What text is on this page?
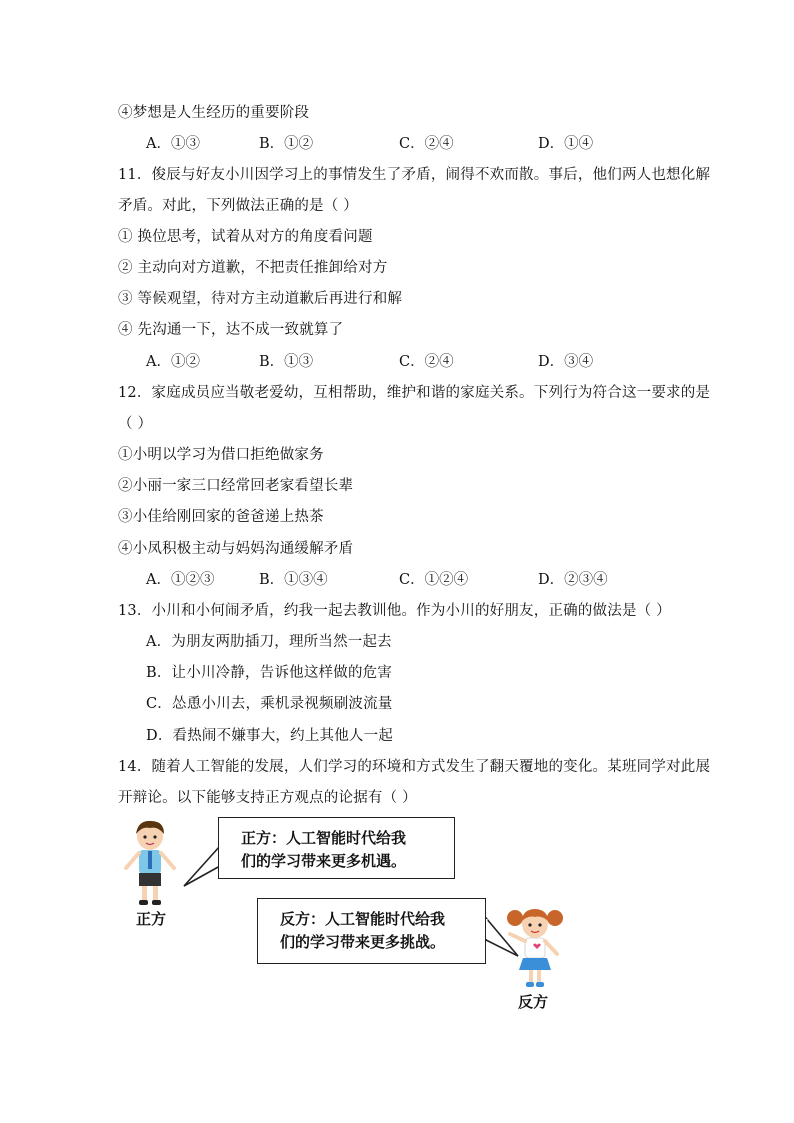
④梦想是人生经历的重要阶段
A．①③	B．①②	C．②④	D．①④
11．俊辰与好友小川因学习上的事情发生了矛盾，闹得不欢而散。事后，他们两人也想化解
矛盾。对此，下列做法正确的是（ ）
① 换位思考，试着从对方的角度看问题
② 主动向对方道歉，不把责任推卸给对方
③ 等候观望，待对方主动道歉后再进行和解
④ 先沟通一下，达不成一致就算了
A．①②	B．①③	C．②④	D．③④
12．家庭成员应当敬老爱幼，互相帮助，维护和谐的家庭关系。下列行为符合这一要求的是
（ ）
①小明以学习为借口拒绝做家务
②小丽一家三口经常回老家看望长辈
③小佳给刚回家的爸爸递上热茶
④小凤积极主动与妈妈沟通缓解矛盾
A．①②③	B．①③④	C．①②④	D．②③④
13．小川和小何闹矛盾，约我一起去教训他。作为小川的好朋友，正确的做法是（ ）
A．为朋友两肋插刀，理所当然一起去
B．让小川冷静，告诉他这样做的危害
C．怂恿小川去，乘机录视频刷波流量
D．看热闹不嫌事大，约上其他人一起
14．随着人工智能的发展，人们学习的环境和方式发生了翻天覆地的变化。某班同学对此展
开辩论。以下能够支持正方观点的论据有（ ）
正方：人工智能时代给我
们的学习带来更多机遇。
反方：人工智能时代给我
们的学习带来更多挑战。
正方
反方
